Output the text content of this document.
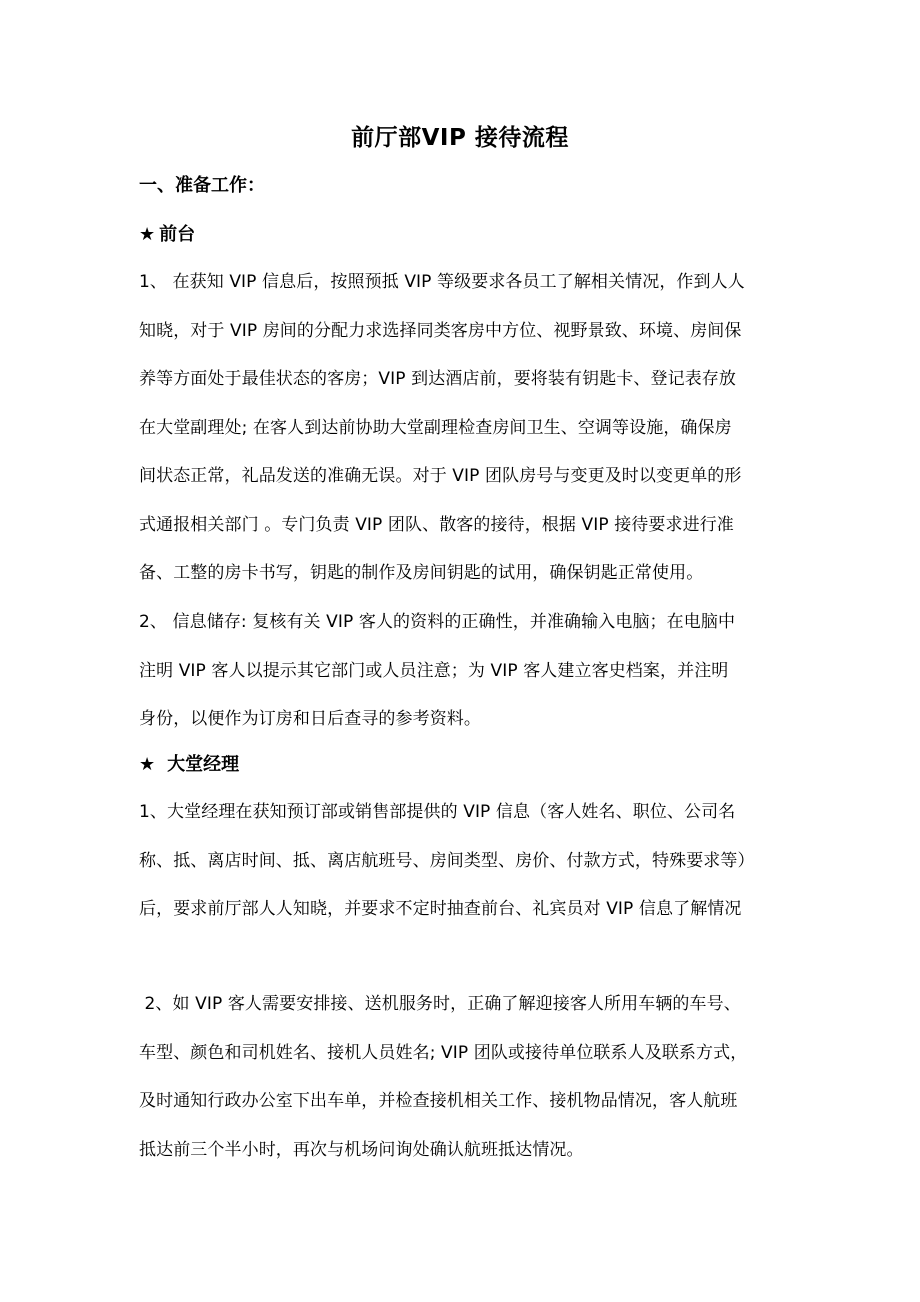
前厅部VIP 接待流程
一、准备工作：
★ 前台
1、 在获知 VIP 信息后，按照预抵 VIP 等级要求各员工了解相关情况，作到人人
知晓，对于 VIP 房间的分配力求选择同类客房中方位、视野景致、环境、房间保
养等方面处于最佳状态的客房；VIP 到达酒店前，要将装有钥匙卡、登记表存放
在大堂副理处; 在客人到达前协助大堂副理检查房间卫生、空调等设施，确保房
间状态正常，礼品发送的准确无误。对于 VIP 团队房号与变更及时以变更单的形
式通报相关部门 。专门负责 VIP 团队、散客的接待，根据 VIP 接待要求进行准
备、工整的房卡书写，钥匙的制作及房间钥匙的试用，确保钥匙正常使用。
2、 信息储存: 复核有关 VIP 客人的资料的正确性，并准确输入电脑；在电脑中
注明 VIP 客人以提示其它部门或人员注意；为 VIP 客人建立客史档案，并注明
身份，以便作为订房和日后查寻的参考资料。
★ 大堂经理
1、大堂经理在获知预订部或销售部提供的 VIP 信息（客人姓名、职位、公司名
称、抵、离店时间、抵、离店航班号、房间类型、房价、付款方式，特殊要求等）
后，要求前厅部人人知晓，并要求不定时抽查前台、礼宾员对 VIP 信息了解情况
2、如 VIP 客人需要安排接、送机服务时，正确了解迎接客人所用车辆的车号、
车型、颜色和司机姓名、接机人员姓名; VIP 团队或接待单位联系人及联系方式，
及时通知行政办公室下出车单，并检查接机相关工作、接机物品情况，客人航班
抵达前三个半小时，再次与机场问询处确认航班抵达情况。
